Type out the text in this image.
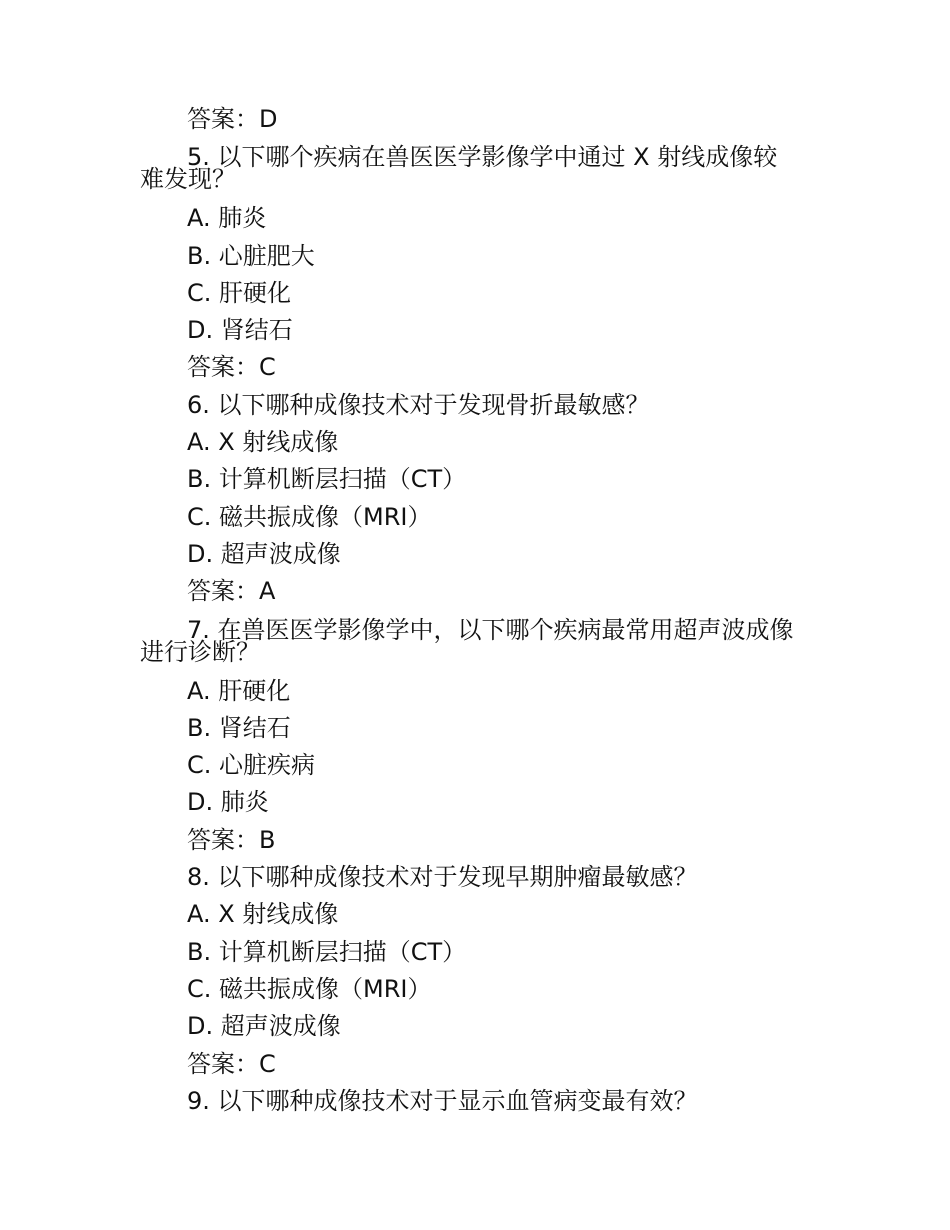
答案：D
5. 以下哪个疾病在兽医医学影像学中通过 X 射线成像较
难发现？
A. 肺炎
B. 心脏肥大
C. 肝硬化
D. 肾结石
答案：C
6. 以下哪种成像技术对于发现骨折最敏感？
A. X 射线成像
B. 计算机断层扫描（CT）
C. 磁共振成像（MRI）
D. 超声波成像
答案：A
7. 在兽医医学影像学中，以下哪个疾病最常用超声波成像
进行诊断？
A. 肝硬化
B. 肾结石
C. 心脏疾病
D. 肺炎
答案：B
8. 以下哪种成像技术对于发现早期肿瘤最敏感？
A. X 射线成像
B. 计算机断层扫描（CT）
C. 磁共振成像（MRI）
D. 超声波成像
答案：C
9. 以下哪种成像技术对于显示血管病变最有效？
